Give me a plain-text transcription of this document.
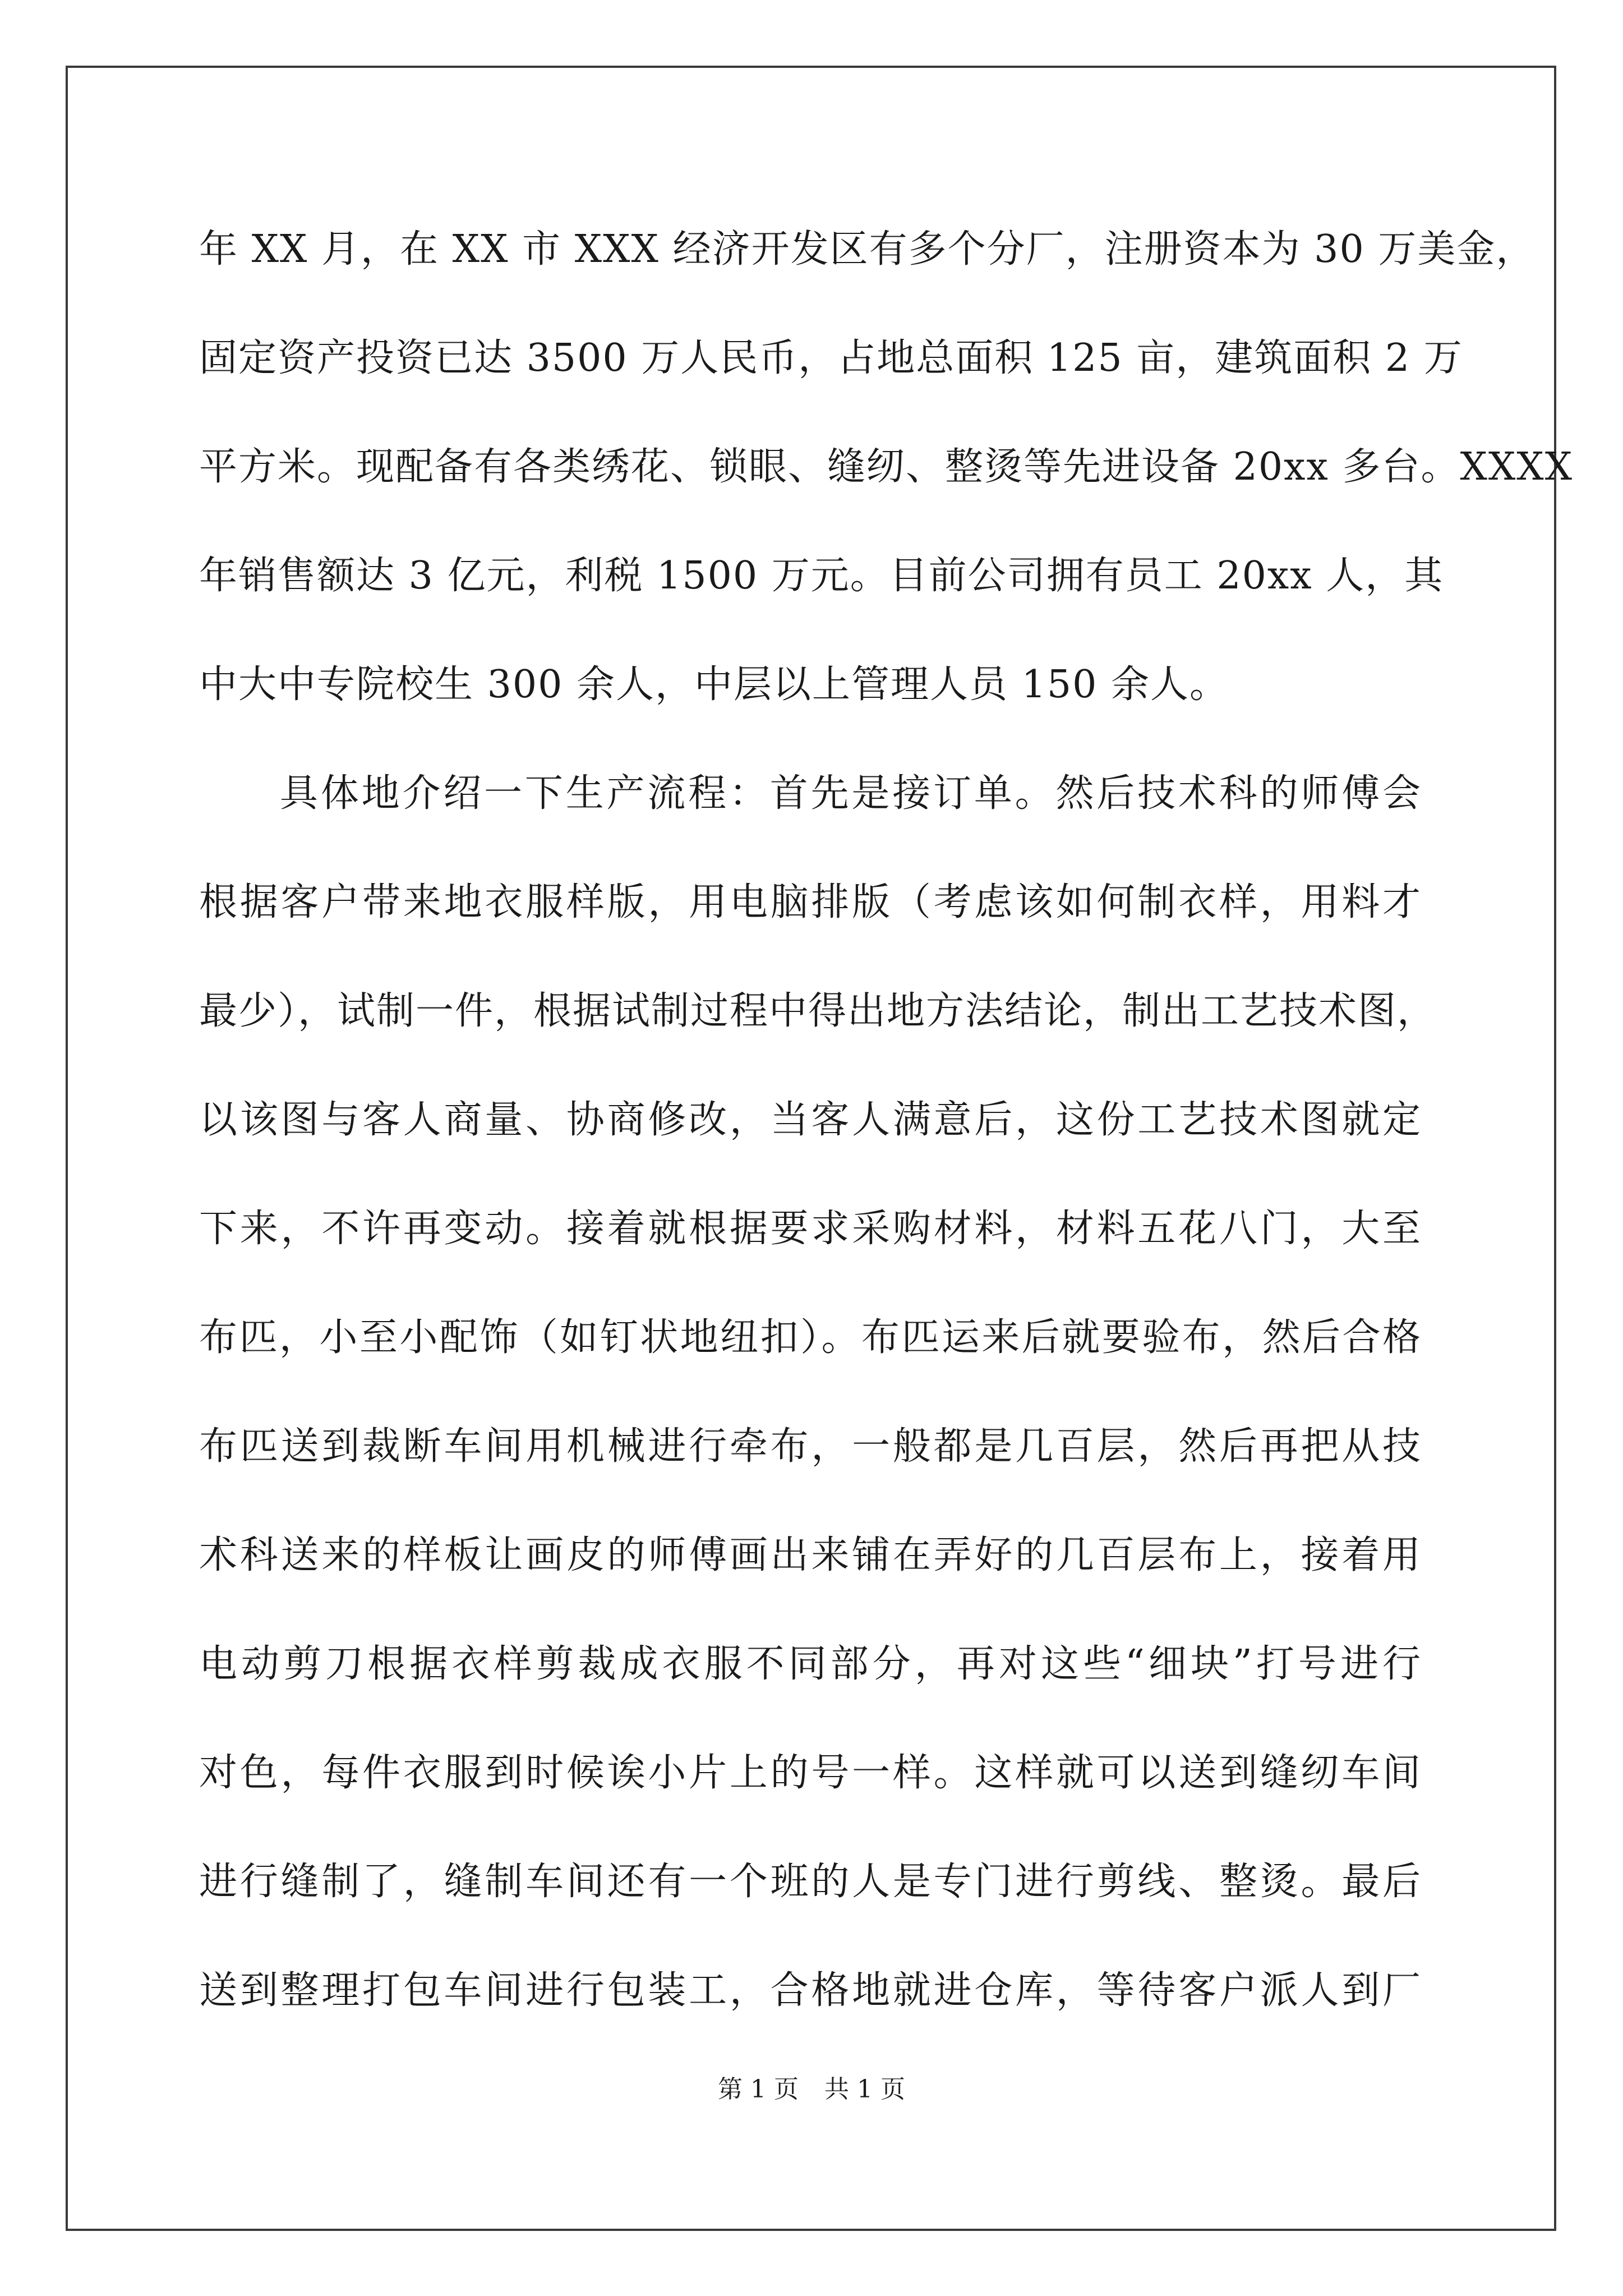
年 XX 月，在 XX 市 XXX 经济开发区有多个分厂，注册资本为 30 万美金，
固定资产投资已达 3500 万人民币，占地总面积 125 亩，建筑面积 2 万
平方米。现配备有各类绣花、锁眼、缝纫、整烫等先进设备 20xx 多台。XXXX
年销售额达 3 亿元，利税 1500 万元。目前公司拥有员工 20xx 人，其
中大中专院校生 300 余人，中层以上管理人员 150 余人。
具体地介绍一下生产流程：首先是接订单。然后技术科的师傅会
根据客户带来地衣服样版，用电脑排版（考虑该如何制衣样，用料才
最少），试制一件，根据试制过程中得出地方法结论，制出工艺技术图，
以该图与客人商量、协商修改，当客人满意后，这份工艺技术图就定
下来，不许再变动。接着就根据要求采购材料，材料五花八门，大至
布匹，小至小配饰（如钉状地纽扣）。布匹运来后就要验布，然后合格
布匹送到裁断车间用机械进行牵布，一般都是几百层，然后再把从技
术科送来的样板让画皮的师傅画出来铺在弄好的几百层布上，接着用
电动剪刀根据衣样剪裁成衣服不同部分，再对这些“细块”打号进行
对色，每件衣服到时候诶小片上的号一样。这样就可以送到缝纫车间
进行缝制了，缝制车间还有一个班的人是专门进行剪线、整烫。最后
送到整理打包车间进行包装工，合格地就进仓库，等待客户派人到厂
第 1 页 共 1 页
